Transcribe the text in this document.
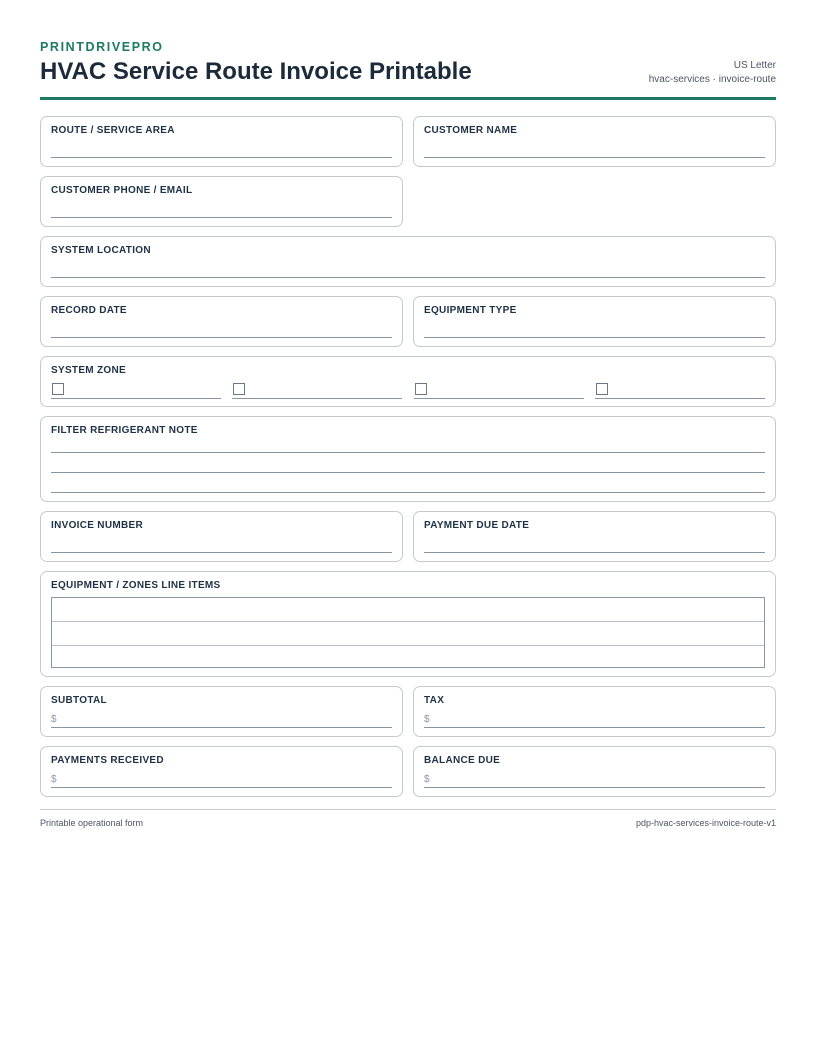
PRINTDRIVEPRO
HVAC Service Route Invoice Printable	US Letter
hvac-services · invoice-route
ROUTE / SERVICE AREA	CUSTOMER NAME
CUSTOMER PHONE / EMAIL
SYSTEM LOCATION
RECORD DATE	EQUIPMENT TYPE
SYSTEM ZONE
FILTER REFRIGERANT NOTE
INVOICE NUMBER	PAYMENT DUE DATE
EQUIPMENT / ZONES LINE ITEMS
SUBTOTAL
$
TAX
$
PAYMENTS RECEIVED
$
BALANCE DUE
$
Printable operational form	pdp-hvac-services-invoice-route-v1
